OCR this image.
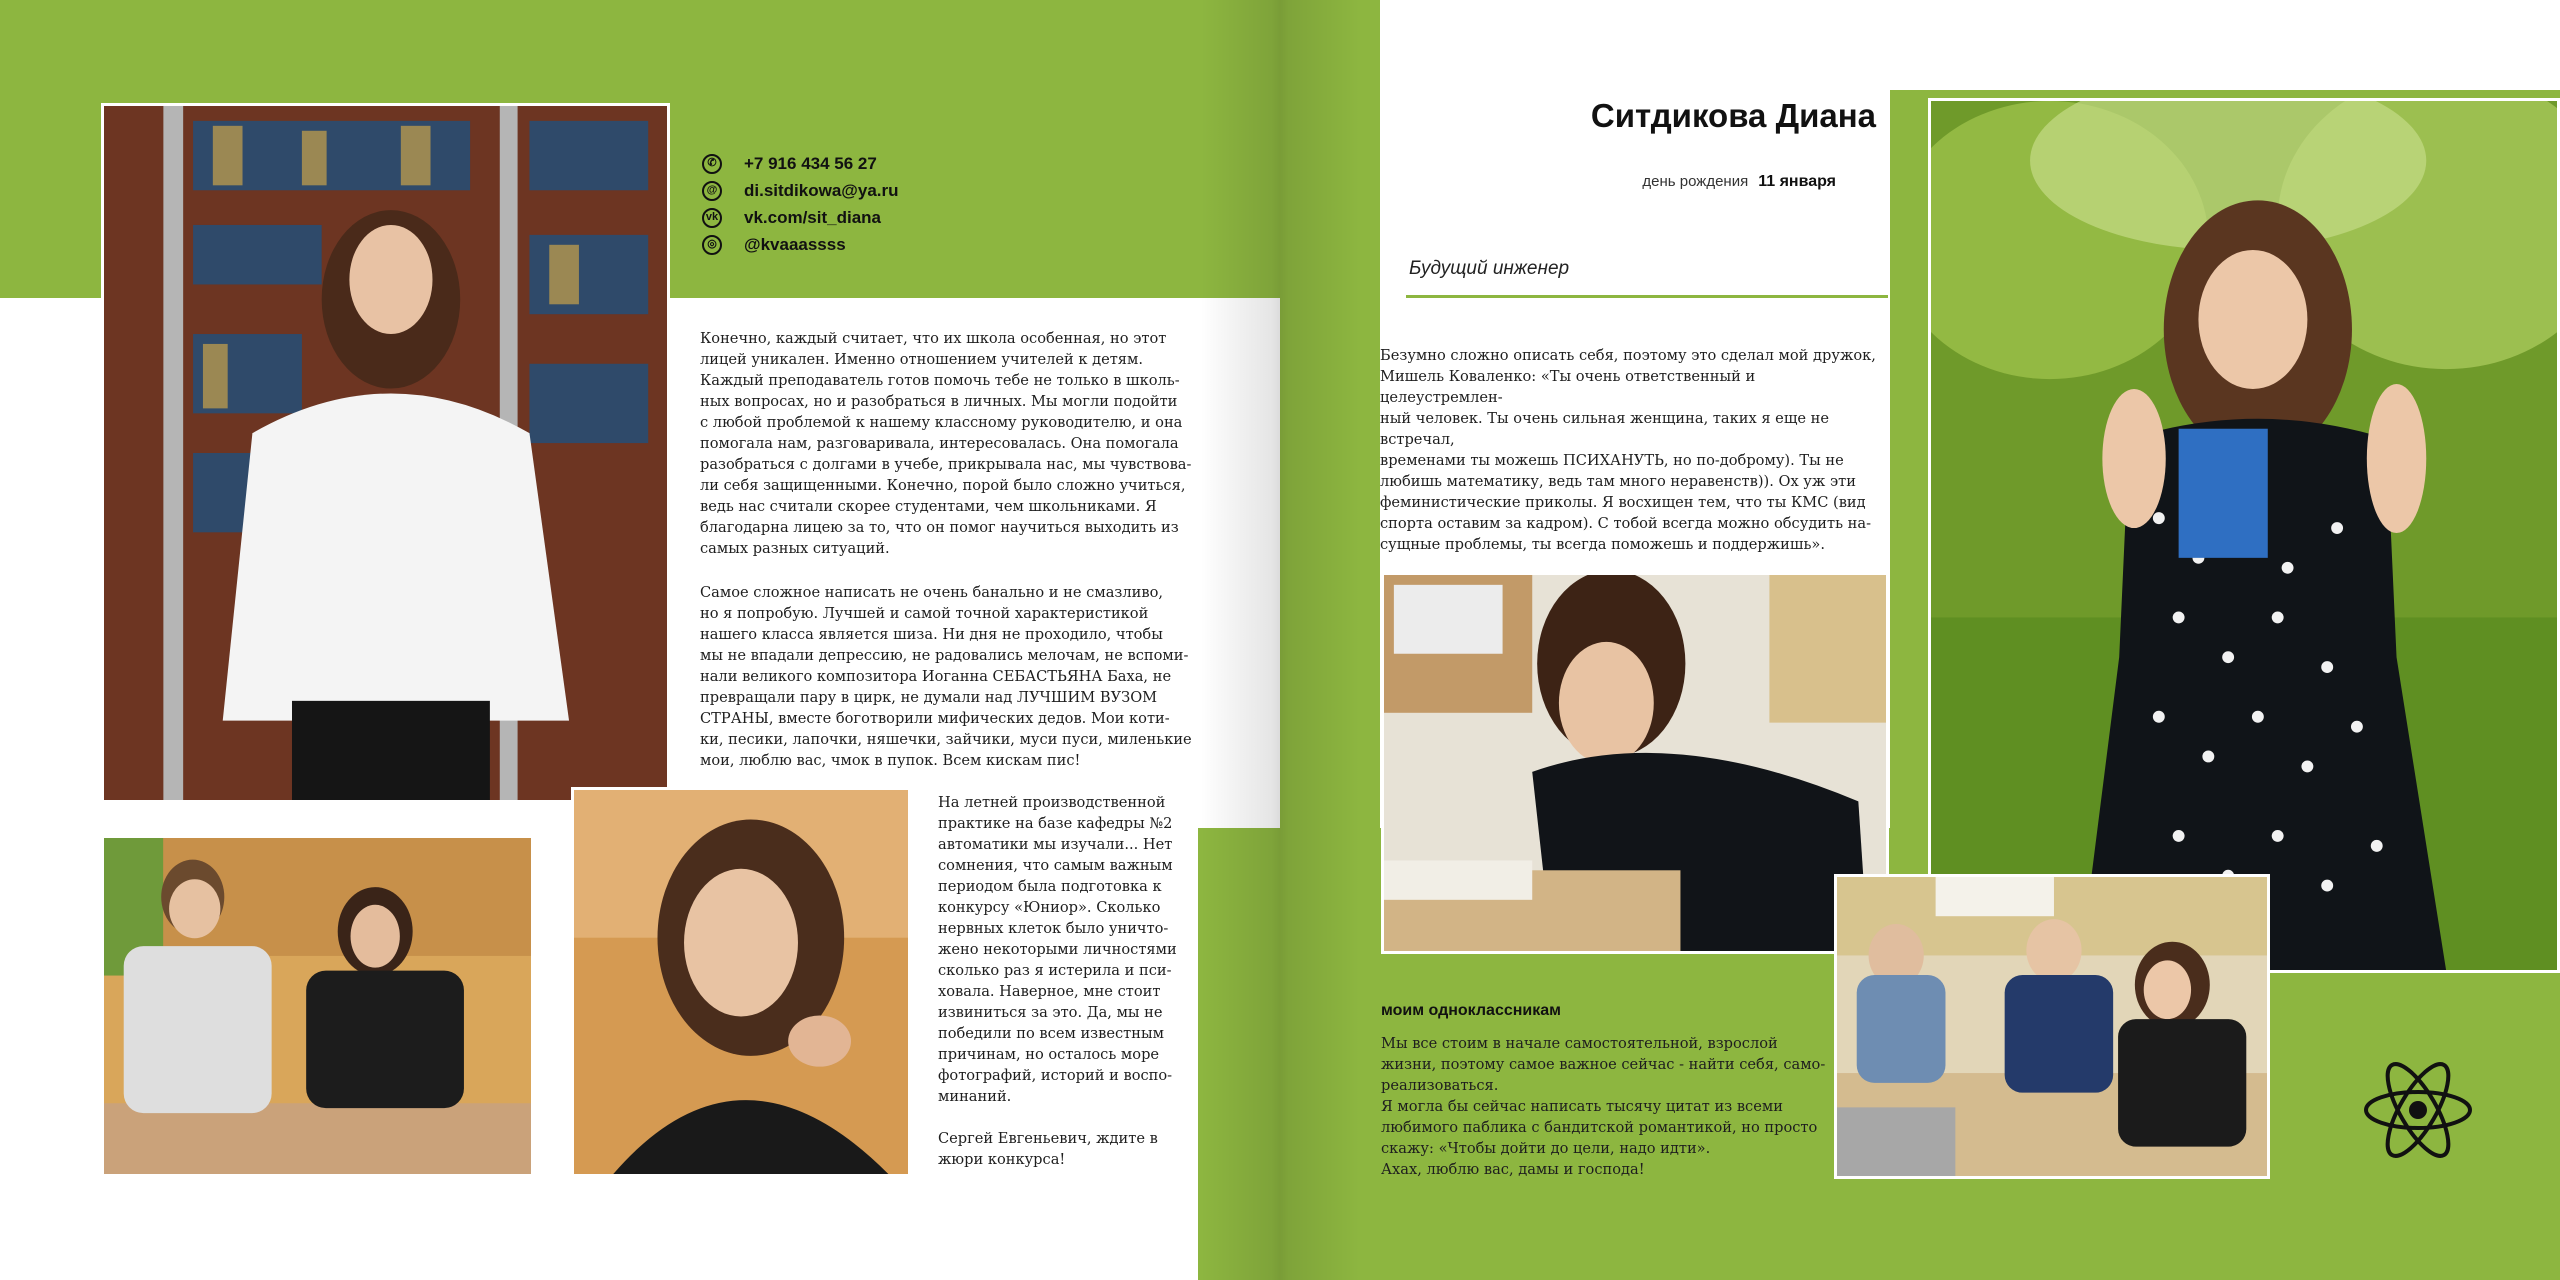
✆	+7 916 434 56 27
@ di.sitdikowa@ya.ru
vk vk.com/sit_diana
◎	@kvaaassss
Конечно, каждый считает, что их школа особенная, но этот
лицей уникален. Именно отношением учителей к детям.
Каждый преподаватель готов помочь тебе не только в школь-
ных вопросах, но и разобраться в личных. Мы могли подойти
с любой проблемой к нашему классному руководителю, и она
помогала нам, разговаривала, интересовалась. Она помогала
разобраться с долгами в учебе, прикрывала нас, мы чувствова-
ли себя защищенными. Конечно, порой было сложно учиться,
ведь нас считали скорее студентами, чем школьниками. Я
благодарна лицею за то, что он помог научиться выходить из
самых разных ситуаций.
Самое сложное написать не очень банально и не смазливо,
но я попробую. Лучшей и самой точной характеристикой
нашего класса является шиза. Ни дня не проходило, чтобы
мы не впадали депрессию, не радовались мелочам, не вспоми-
нали великого композитора Иоганна СЕБАСТЬЯНА Баха, не
превращали пару в цирк, не думали над ЛУЧШИМ ВУЗОМ
СТРАНЫ, вместе боготворили мифических дедов. Мои коти-
ки, песики, лапочки, няшечки, зайчики, муси пуси, миленькие
мои, люблю вас, чмок в пупок. Всем кискам пис!
На летней производственной
практике на базе кафедры №2
автоматики мы изучали... Нет
сомнения, что самым важным
периодом была подготовка к
конкурсу «Юниор». Сколько
нервных клеток было уничто-
жено некоторыми личностями
сколько раз я истерила и пси-
ховала. Наверное, мне стоит
извиниться за это. Да, мы не
победили по всем известным
причинам, но осталось море
фотографий, историй и воспо-
минаний.
Сергей Евгеньевич, ждите в
жюри конкурса!
Ситдикова Диана
день рождения 11 января
Будущий инженер
Безумно сложно описать себя, поэтому это сделал мой дружок,
Мишель Коваленко: «Ты очень ответственный и целеустремлен-
ный человек. Ты очень сильная женщина, таких я еще не встречал,
временами ты можешь ПСИХАНУТЬ, но по-доброму). Ты не
любишь математику, ведь там много неравенств)). Ох уж эти
феминистические приколы. Я восхищен тем, что ты КМС (вид
спорта оставим за кадром). С тобой всегда можно обсудить на-
сущные проблемы, ты всегда поможешь и поддержишь».
моим одноклассникам
Мы все стоим в начале самостоятельной, взрослой
жизни, поэтому самое важное сейчас - найти себя, само-
реализоваться.
Я могла бы сейчас написать тысячу цитат из всеми
любимого паблика с бандитской романтикой, но просто
скажу: «Чтобы дойти до цели, надо идти».
Ахах, люблю вас, дамы и господа!
